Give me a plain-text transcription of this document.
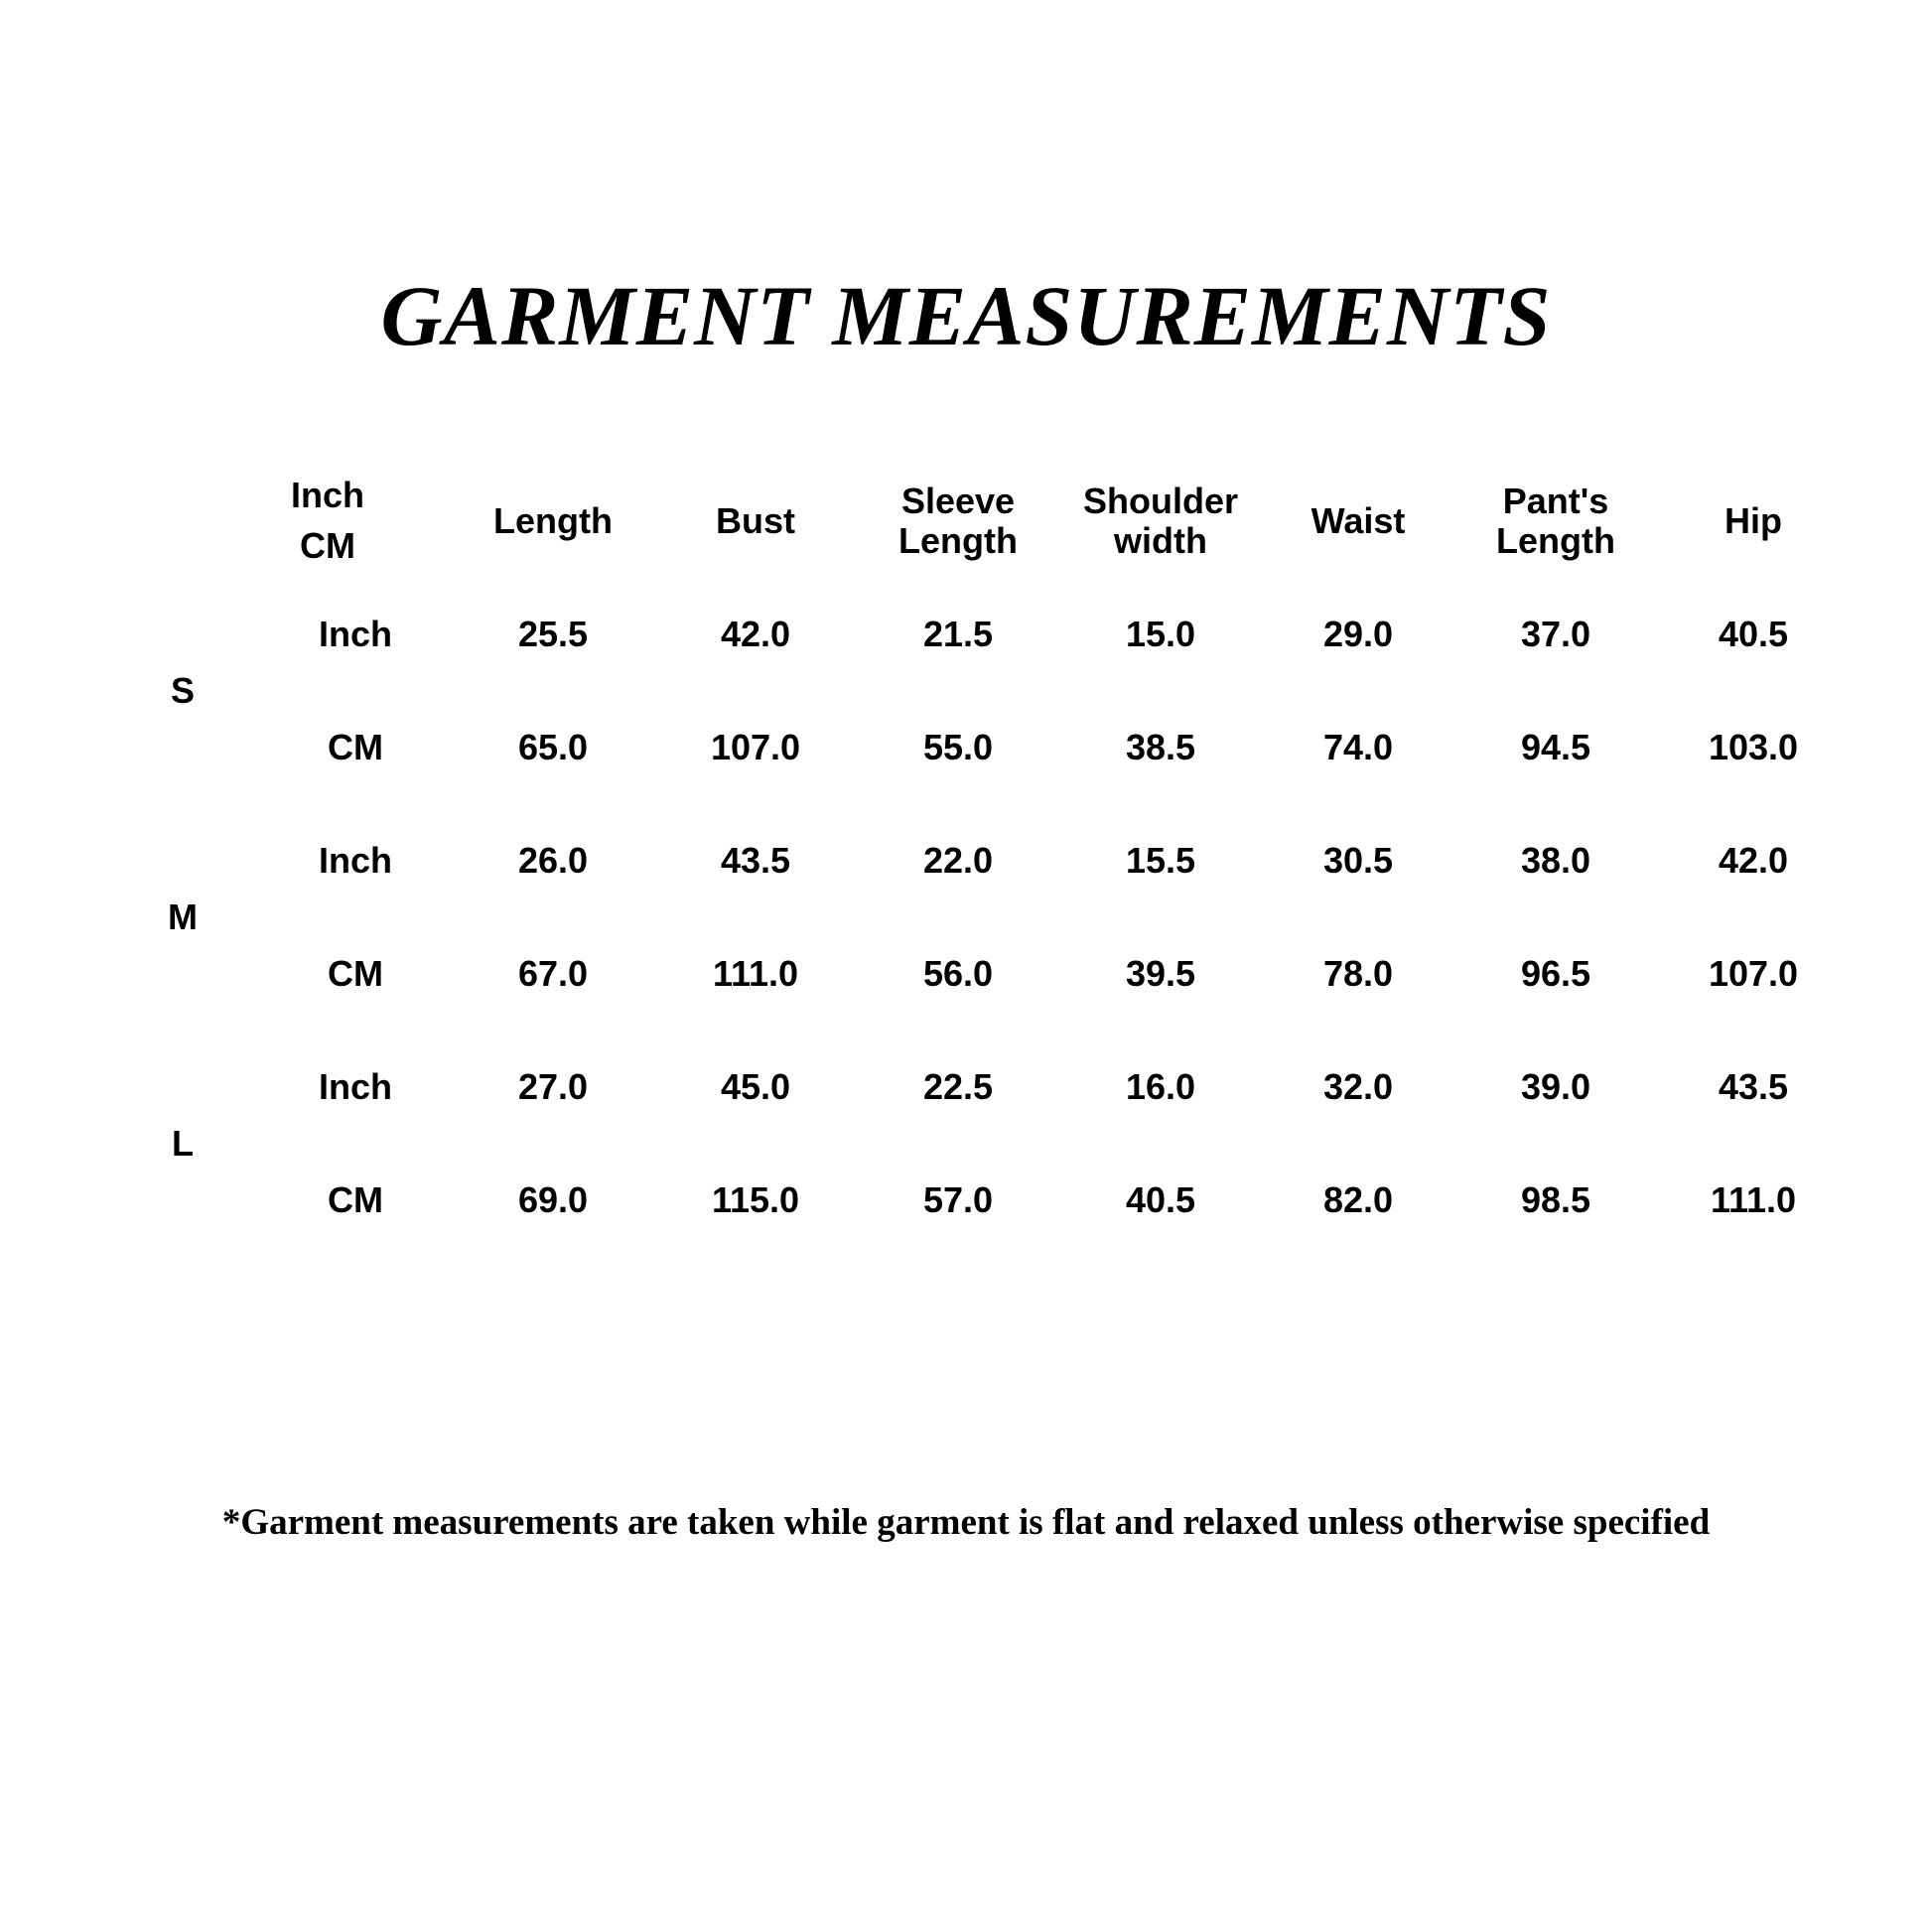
GARMENT MEASUREMENTS
Unit: $\frac{\text{Inch}}{CM}$		Length	Bust	Sleeve Length	Shoulder width	Waist	Pant's Length	Hip
S	Inch	25.5	42.0	21.5	15.0	29.0	37.0	40.5
	CM	65.0	107.0	55.0	38.5	74.0	94.5	103.0
M	Inch	26.0	43.5	22.0	15.5	30.5	38.0	42.0
	CM	67.0	111.0	56.0	39.5	78.0	96.5	107.0
L	Inch	27.0	45.0	22.5	16.0	32.0	39.0	43.5
	CM	69.0	115.0	57.0	40.5	82.0	98.5	111.0
*Garment measurements are taken while garment is flat and relaxed unless otherwise specified
